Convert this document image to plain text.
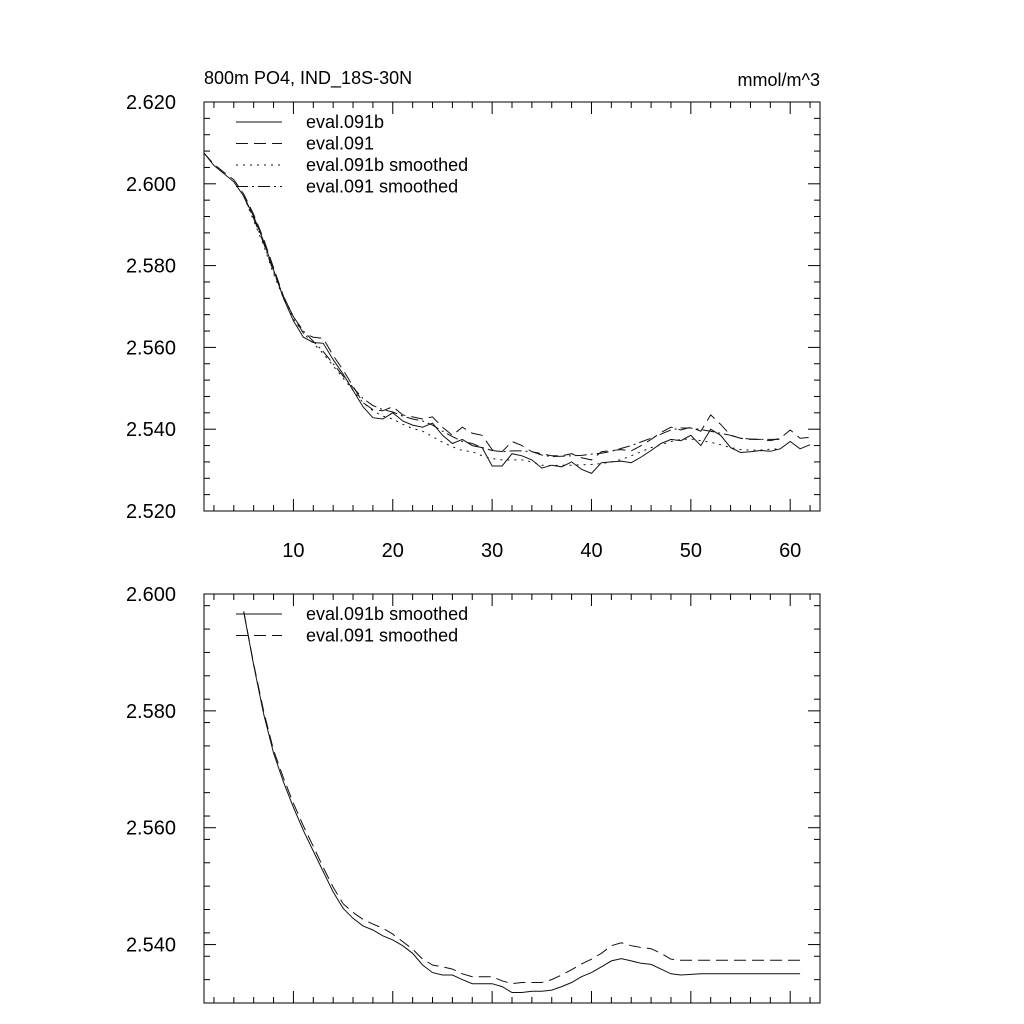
800m PO4, IND_18S-30N	mmol/m^3
2.620
2.600
2.580
2.560
2.540
2.520
10	20	30	40	50	60
eval.091b
eval.091
eval.091b smoothed
eval.091 smoothed
2.600
2.580
2.560
2.540
eval.091b smoothed
eval.091 smoothed
